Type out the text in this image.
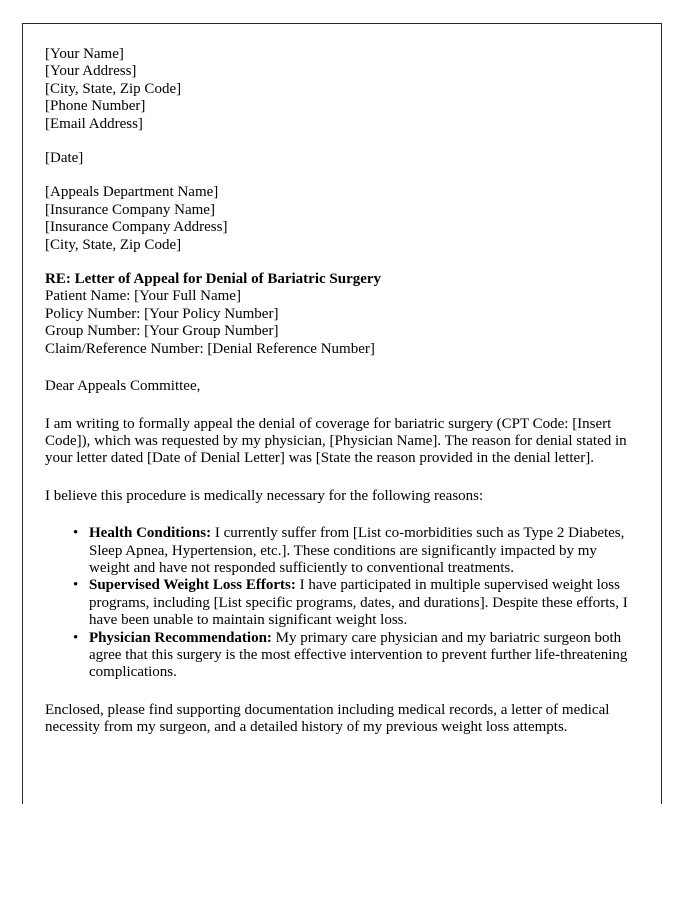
[Your Name]
[Your Address]
[City, State, Zip Code]
[Phone Number]
[Email Address]
[Date]
[Appeals Department Name]
[Insurance Company Name]
[Insurance Company Address]
[City, State, Zip Code]
RE: Letter of Appeal for Denial of Bariatric Surgery
Patient Name: [Your Full Name]
Policy Number: [Your Policy Number]
Group Number: [Your Group Number]
Claim/Reference Number: [Denial Reference Number]

Dear Appeals Committee,

I am writing to formally appeal the denial of coverage for bariatric surgery (CPT Code: [Insert Code]), which was requested by my physician, [Physician Name]. The reason for denial stated in your letter dated [Date of Denial Letter] was [State the reason provided in the denial letter].

I believe this procedure is medically necessary for the following reasons:

• Health Conditions: I currently suffer from [List co-morbidities such as Type 2 Diabetes, Sleep Apnea, Hypertension, etc.]. These conditions are significantly impacted by my weight and have not responded sufficiently to conventional treatments.
• Supervised Weight Loss Efforts: I have participated in multiple supervised weight loss programs, including [List specific programs, dates, and durations]. Despite these efforts, I have been unable to maintain significant weight loss.
• Physician Recommendation: My primary care physician and my bariatric surgeon both agree that this surgery is the most effective intervention to prevent further life-threatening complications.

Enclosed, please find supporting documentation including medical records, a letter of medical necessity from my surgeon, and a detailed history of my previous weight loss attempts.
